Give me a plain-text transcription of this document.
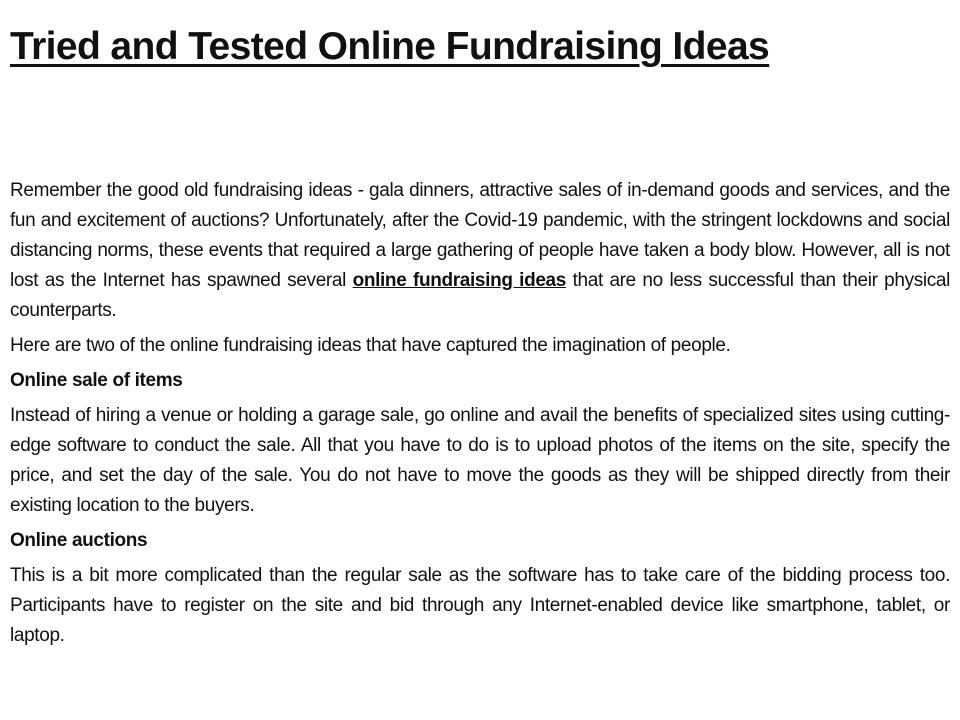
Tried and Tested Online Fundraising Ideas

Remember the good old fundraising ideas - gala dinners, attractive sales of in-demand goods and services, and the fun and excitement of auctions? Unfortunately, after the Covid-19 pandemic, with the stringent lockdowns and social distancing norms, these events that required a large gathering of people have taken a body blow. However, all is not lost as the Internet has spawned several online fundraising ideas that are no less successful than their physical counterparts.

Here are two of the online fundraising ideas that have captured the imagination of people.

Online sale of items

Instead of hiring a venue or holding a garage sale, go online and avail the benefits of specialized sites using cutting-edge software to conduct the sale. All that you have to do is to upload photos of the items on the site, specify the price, and set the day of the sale. You do not have to move the goods as they will be shipped directly from their existing location to the buyers.

Online auctions

This is a bit more complicated than the regular sale as the software has to take care of the bidding process too. Participants have to register on the site and bid through any Internet-enabled device like smartphone, tablet, or laptop.
